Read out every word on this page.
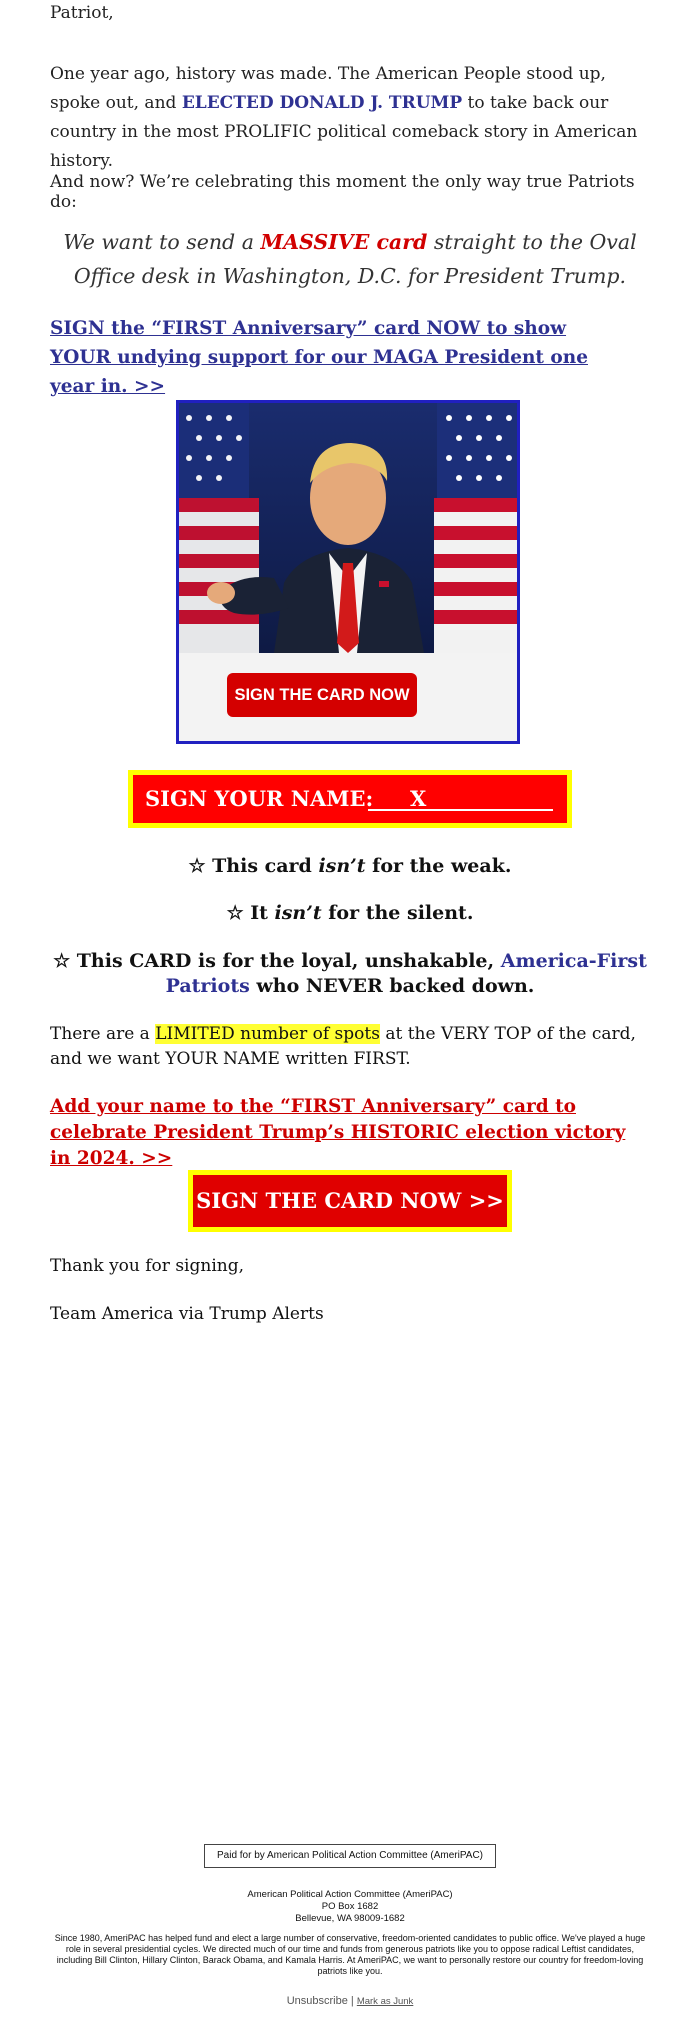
Patriot,

One year ago, history was made. The American People stood up, spoke out, and ELECTED DONALD J. TRUMP to take back our country in the most PROLIFIC political comeback story in American history.

And now? We’re celebrating this moment the only way true Patriots do:

We want to send a MASSIVE card straight to the Oval Office desk in Washington, D.C. for President Trump.

SIGN the “FIRST Anniversary” card NOW to show YOUR undying support for our MAGA President one year in. >>
SIGN THE CARD NOW
SIGN YOUR NAME: X

☆ This card isn’t for the weak.

☆ It isn’t for the silent.

☆ This CARD is for the loyal, unshakable, America-First Patriots who NEVER backed down.

There are a LIMITED number of spots at the VERY TOP of the card, and we want YOUR NAME written FIRST.

Add your name to the “FIRST Anniversary” card to celebrate President Trump’s HISTORIC election victory in 2024. >>
SIGN THE CARD NOW >>

Thank you for signing,

Team America via Trump Alerts

Paid for by American Political Action Committee (AmeriPAC)
American Political Action Committee (AmeriPAC)
PO Box 1682
Bellevue, WA 98009-1682
Since 1980, AmeriPAC has helped fund and elect a large number of conservative, freedom-oriented candidates to public office. We've played a huge role in several presidential cycles. We directed much of our time and funds from generous patriots like you to oppose radical Leftist candidates, including Bill Clinton, Hillary Clinton, Barack Obama, and Kamala Harris. At AmeriPAC, we want to personally restore our country for freedom-loving patriots like you.
Unsubscribe | Mark as Junk
